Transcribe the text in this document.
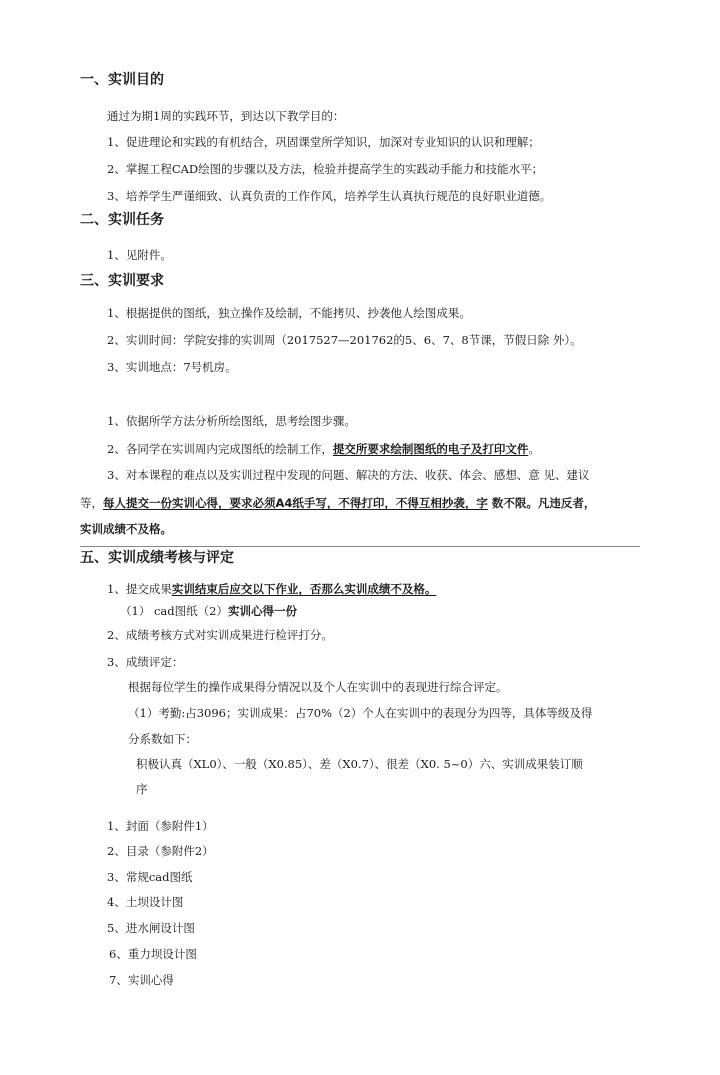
一、实训目的
通过为期1周的实践环节，到达以下教学目的：
1、促进理论和实践的有机结合，巩固课堂所学知识，加深对专业知识的认识和理解；
2、掌握工程CAD绘图的步骤以及方法，检验并提高学生的实践动手能力和技能水平；
3、培养学生严谨细致、认真负责的工作作风，培养学生认真执行规范的良好职业道德。
二、实训任务
1、见附件。
三、实训要求
1、根据提供的图纸，独立操作及绘制，不能拷贝、抄袭他人绘图成果。
2、实训时间：学院安排的实训周（2017527—201762的5、6、7、8节课，节假日除 外）。
3、实训地点：7号机房。
1、依据所学方法分析所绘图纸，思考绘图步骤。
2、各同学在实训周内完成图纸的绘制工作，提交所要求绘制图纸的电子及打印文件。
3、对本课程的难点以及实训过程中发现的问题、解决的方法、收获、体会、感想、意 见、建议
等，每人提交一份实训心得，要求必须A4纸手写，不得打印，不得互相抄袭，字 数不限。凡违反者，
实训成绩不及格。
五、实训成绩考核与评定
1、提交成果实训结束后应交以下作业，否那么实训成绩不及格。
（1） cad图纸（2）实训心得一份
2、成绩考核方式对实训成果进行检评打分。
3、成绩评定：
根据每位学生的操作成果得分情况以及个人在实训中的表现进行综合评定。
（1）考勤:占3096；实训成果：占70%（2）个人在实训中的表现分为四等，具体等级及得
分系数如下：
积极认真（XL0）、一般（X0.85）、差（X0.7）、很差（X0. 5~0）六、实训成果装订顺
序
1、封面（参附件1）
2、目录（参附件2）
3、常规cad图纸
4、土坝设计图
5、进水闸设计图
6、重力坝设计图
7、实训心得
